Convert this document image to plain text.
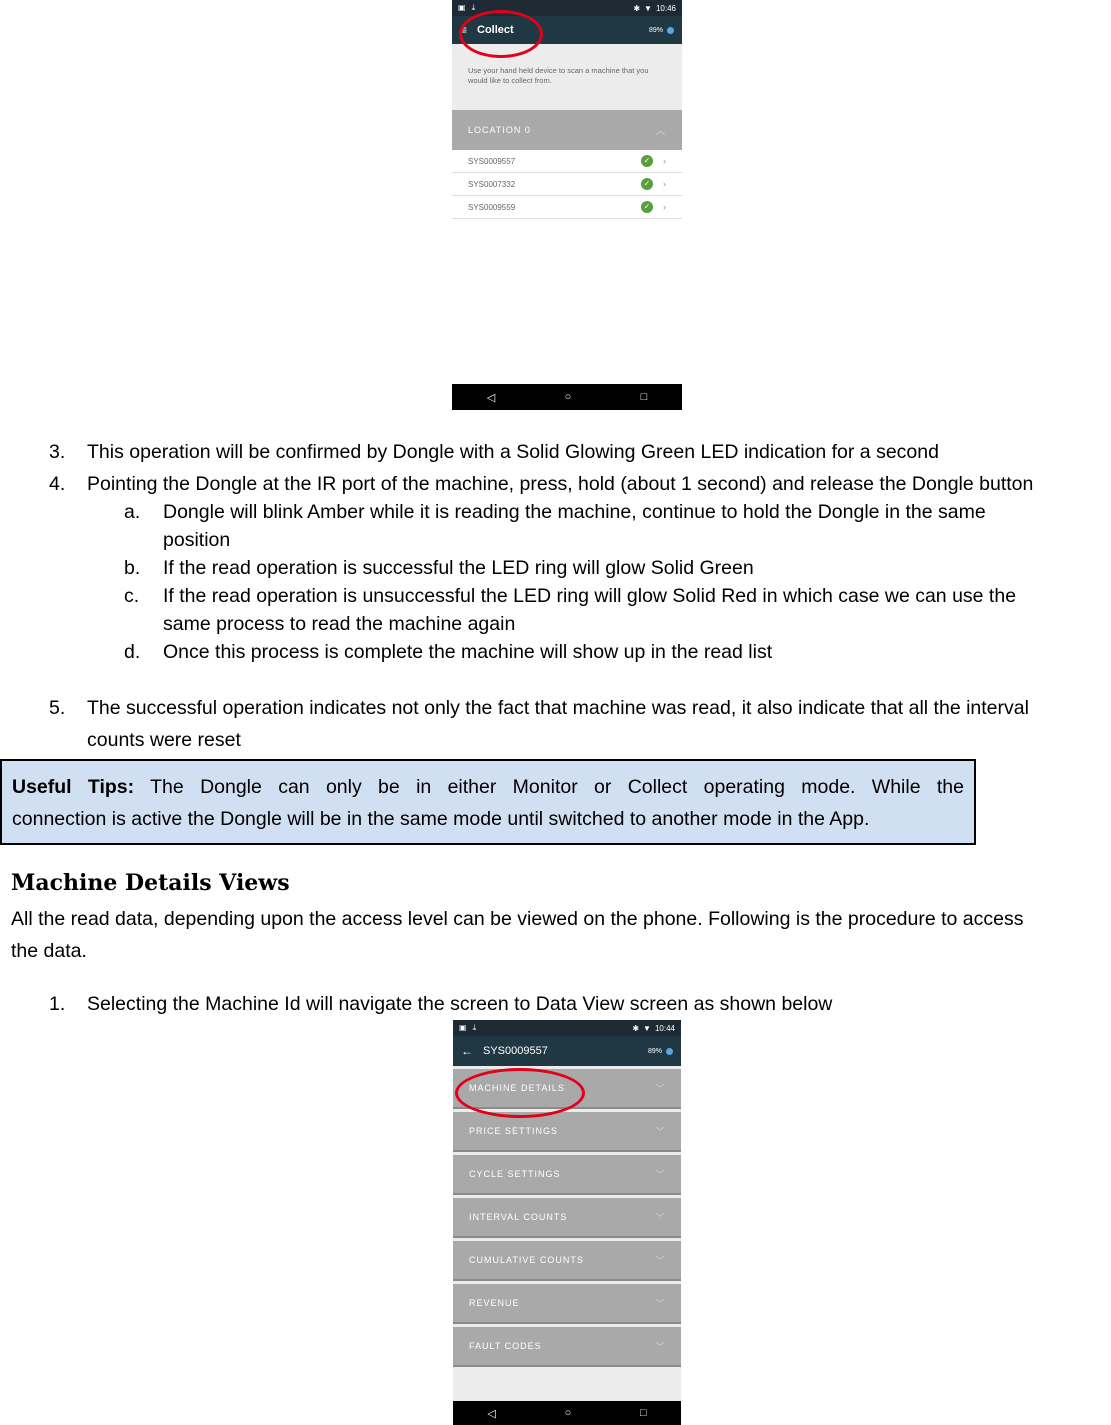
▣ ⤓	✱ ▼ 10:46
≡ Collect	89%
Use your hand held device to scan a machine that you would like to collect from.
LOCATION 0	︿
SYS0009557	✓ ›
SYS0007332	✓ ›
SYS0009559	✓ ›
◁	○	□
3. This operation will be confirmed by Dongle with a Solid Glowing Green LED indication for a second
4. Pointing the Dongle at the IR port of the machine, press, hold (about 1 second) and release the Dongle button
a. Dongle will blink Amber while it is reading the machine, continue to hold the Dongle in the same
position
b. If the read operation is successful the LED ring will glow Solid Green
c. If the read operation is unsuccessful the LED ring will glow Solid Red in which case we can use the
same process to read the machine again
d. Once this process is complete the machine will show up in the read list
5. The successful operation indicates not only the fact that machine was read, it also indicate that all the interval
counts were reset
Useful Tips: The Dongle can only be in either Monitor or Collect operating mode. While the
connection is active the Dongle will be in the same mode until switched to another mode in the App.
Machine Details Views
All the read data, depending upon the access level can be viewed on the phone. Following is the procedure to access
the data.
1. Selecting the Machine Id will navigate the screen to Data View screen as shown below
▣ ⤓	✱ ▼ 10:44
← SYS0009557	89%
MACHINE DETAILS	﹀
PRICE SETTINGS	﹀
CYCLE SETTINGS	﹀
INTERVAL COUNTS	﹀
CUMULATIVE COUNTS	﹀
REVENUE	﹀
FAULT CODES	﹀
◁	○	□
